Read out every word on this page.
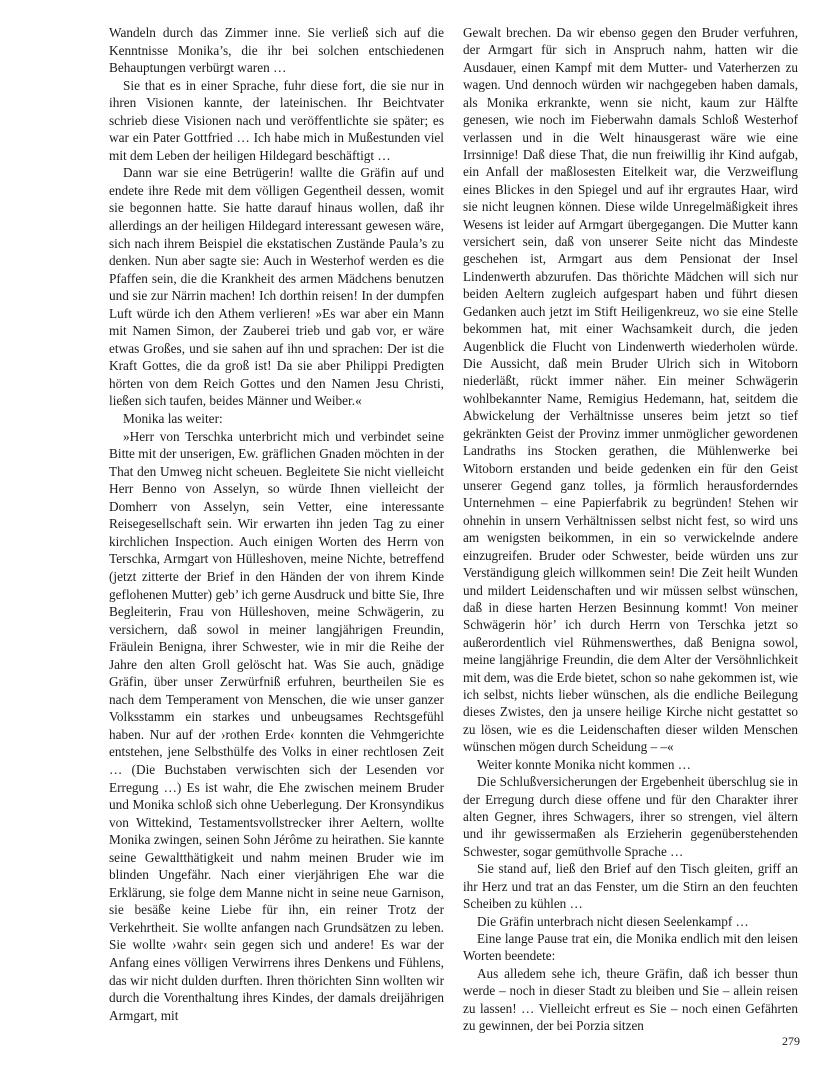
Wandeln durch das Zimmer inne. Sie verließ sich auf die Kenntnisse Monika’s, die ihr bei solchen entschiedenen Behauptungen verbürgt waren …

Sie that es in einer Sprache, fuhr diese fort, die sie nur in ihren Visionen kannte, der lateinischen. Ihr Beichtvater schrieb diese Visionen nach und veröffentlichte sie später; es war ein Pater Gottfried … Ich habe mich in Mußestunden viel mit dem Leben der heiligen Hildegard beschäftigt …

Dann war sie eine Betrügerin! wallte die Gräfin auf und endete ihre Rede mit dem völligen Gegentheil dessen, womit sie begonnen hatte. Sie hatte darauf hinaus wollen, daß ihr allerdings an der heiligen Hildegard interessant gewesen wäre, sich nach ihrem Beispiel die ekstatischen Zustände Paula’s zu denken. Nun aber sagte sie: Auch in Westerhof werden es die Pfaffen sein, die die Krankheit des armen Mädchens benutzen und sie zur Närrin machen! Ich dorthin reisen! In der dumpfen Luft würde ich den Athem verlieren! »Es war aber ein Mann mit Namen Simon, der Zauberei trieb und gab vor, er wäre etwas Großes, und sie sahen auf ihn und sprachen: Der ist die Kraft Gottes, die da groß ist! Da sie aber Philippi Predigten hörten von dem Reich Gottes und den Namen Jesu Christi, ließen sich taufen, beides Männer und Weiber.«

Monika las weiter:

»Herr von Terschka unterbricht mich und verbindet seine Bitte mit der unserigen, Ew. gräflichen Gnaden möchten in der That den Umweg nicht scheuen. Begleitete Sie nicht vielleicht Herr Benno von Asselyn, so würde Ihnen vielleicht der Domherr von Asselyn, sein Vetter, eine interessante Reisegesellschaft sein. Wir erwarten ihn jeden Tag zu einer kirchlichen Inspection. Auch einigen Worten des Herrn von Terschka, Armgart von Hülleshoven, meine Nichte, betreffend (jetzt zitterte der Brief in den Händen der von ihrem Kinde geflohenen Mutter) geb’ ich gerne Ausdruck und bitte Sie, Ihre Begleiterin, Frau von Hülleshoven, meine Schwägerin, zu versichern, daß sowol in meiner langjährigen Freundin, Fräulein Benigna, ihrer Schwester, wie in mir die Reihe der Jahre den alten Groll gelöscht hat. Was Sie auch, gnädige Gräfin, über unser Zerwürfniß erfuhren, beurtheilen Sie es nach dem Temperament von Menschen, die wie unser ganzer Volksstamm ein starkes und unbeugsames Rechtsgefühl haben. Nur auf der ›rothen Erde‹ konnten die Vehmgerichte entstehen, jene Selbsthülfe des Volks in einer rechtlosen Zeit … (Die Buchstaben verwischten sich der Lesenden vor Erregung …) Es ist wahr, die Ehe zwischen meinem Bruder und Monika schloß sich ohne Ueberlegung. Der Kronsyndikus von Wittekind, Testamentsvollstrecker ihrer Aeltern, wollte Monika zwingen, seinen Sohn Jérôme zu heirathen. Sie kannte seine Gewaltthätigkeit und nahm meinen Bruder wie im blinden Ungefähr. Nach einer vierjährigen Ehe war die Erklärung, sie folge dem Manne nicht in seine neue Garnison, sie besäße keine Liebe für ihn, ein reiner Trotz der Verkehrtheit. Sie wollte anfangen nach Grundsätzen zu leben. Sie wollte ›wahr‹ sein gegen sich und andere! Es war der Anfang eines völligen Verwirrens ihres Denkens und Fühlens, das wir nicht dulden durften. Ihren thörichten Sinn wollten wir durch die Vorenthaltung ihres Kindes, der damals dreijährigen Armgart, mit

Gewalt brechen. Da wir ebenso gegen den Bruder verfuhren, der Armgart für sich in Anspruch nahm, hatten wir die Ausdauer, einen Kampf mit dem Mutter- und Vaterherzen zu wagen. Und dennoch würden wir nachgegeben haben damals, als Monika erkrankte, wenn sie nicht, kaum zur Hälfte genesen, wie noch im Fieberwahn damals Schloß Westerhof verlassen und in die Welt hinausgerast wäre wie eine Irrsinnige! Daß diese That, die nun freiwillig ihr Kind aufgab, ein Anfall der maßlosesten Eitelkeit war, die Verzweiflung eines Blickes in den Spiegel und auf ihr ergrautes Haar, wird sie nicht leugnen können. Diese wilde Unregelmäßigkeit ihres Wesens ist leider auf Armgart übergegangen. Die Mutter kann versichert sein, daß von unserer Seite nicht das Mindeste geschehen ist, Armgart aus dem Pensionat der Insel Lindenwerth abzurufen. Das thörichte Mädchen will sich nur beiden Aeltern zugleich aufgespart haben und führt diesen Gedanken auch jetzt im Stift Heiligenkreuz, wo sie eine Stelle bekommen hat, mit einer Wachsamkeit durch, die jeden Augenblick die Flucht von Lindenwerth wiederholen würde. Die Aussicht, daß mein Bruder Ulrich sich in Witoborn niederläßt, rückt immer näher. Ein meiner Schwägerin wohlbekannter Name, Remigius Hedemann, hat, seitdem die Abwickelung der Verhältnisse unseres beim jetzt so tief gekränkten Geist der Provinz immer unmöglicher gewordenen Landraths ins Stocken gerathen, die Mühlenwerke bei Witoborn erstanden und beide gedenken ein für den Geist unserer Gegend ganz tolles, ja förmlich herausforderndes Unternehmen – eine Papierfabrik zu begründen! Stehen wir ohnehin in unsern Verhältnissen selbst nicht fest, so wird uns am wenigsten beikommen, in ein so verwickelnde andere einzugreifen. Bruder oder Schwester, beide würden uns zur Verständigung gleich willkommen sein! Die Zeit heilt Wunden und mildert Leidenschaften und wir müssen selbst wünschen, daß in diese harten Herzen Besinnung kommt! Von meiner Schwägerin hör’ ich durch Herrn von Terschka jetzt so außerordentlich viel Rühmenswerthes, daß Benigna sowol, meine langjährige Freundin, die dem Alter der Versöhnlichkeit mit dem, was die Erde bietet, schon so nahe gekommen ist, wie ich selbst, nichts lieber wünschen, als die endliche Beilegung dieses Zwistes, den ja unsere heilige Kirche nicht gestattet so zu lösen, wie es die Leidenschaften dieser wilden Menschen wünschen mögen durch Scheidung – –«

Weiter konnte Monika nicht kommen …

Die Schlußversicherungen der Ergebenheit überschlug sie in der Erregung durch diese offene und für den Charakter ihrer alten Gegner, ihres Schwagers, ihrer so strengen, viel ältern und ihr gewissermaßen als Erzieherin gegenüberstehenden Schwester, sogar gemüthvolle Sprache …

Sie stand auf, ließ den Brief auf den Tisch gleiten, griff an ihr Herz und trat an das Fenster, um die Stirn an den feuchten Scheiben zu kühlen …

Die Gräfin unterbrach nicht diesen Seelenkampf …

Eine lange Pause trat ein, die Monika endlich mit den leisen Worten beendete:

Aus alledem sehe ich, theure Gräfin, daß ich besser thun werde – noch in dieser Stadt zu bleiben und Sie – allein reisen zu lassen! … Vielleicht erfreut es Sie – noch einen Gefährten zu gewinnen, der bei Porzia sitzen

279
